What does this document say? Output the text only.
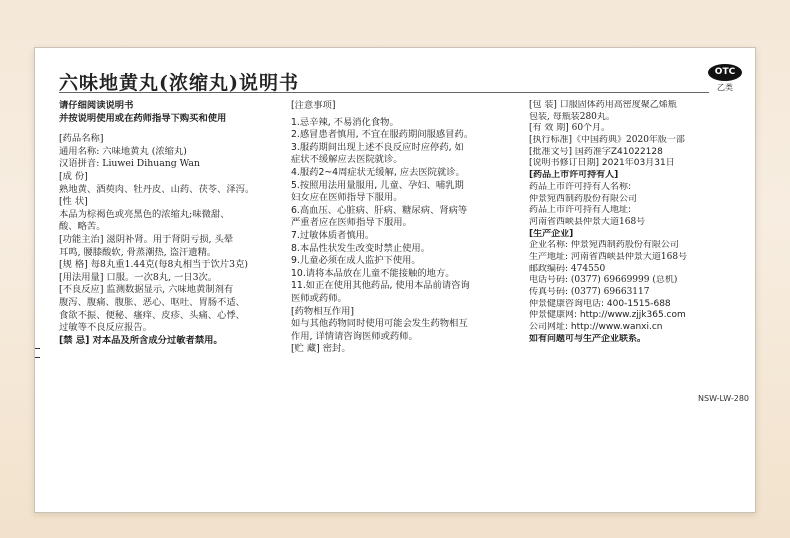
六味地黄丸(浓缩丸)说明书	OTC
乙类
请仔细阅读说明书
并按说明使用或在药师指导下购买和使用
[药品名称]
通用名称: 六味地黄丸 (浓缩丸)
汉语拼音: Liuwei Dihuang Wan
[成 份]
熟地黄、酒萸肉、牡丹皮、山药、茯苓、泽泻。
[性 状]
本品为棕褐色或亮黑色的浓缩丸;味微甜、
酸、略苦。
[功能主治] 滋阴补肾。用于肾阴亏损, 头晕
耳鸣, 腰膝酸软, 骨蒸潮热, 盗汗遗精。
[规 格] 每8丸重1.44克(每8丸相当于饮片3克)
[用法用量] 口服。一次8丸, 一日3次。
[不良反应] 监测数据显示, 六味地黄制剂有
腹泻、腹痛、腹胀、恶心、呕吐、胃肠不适、
食欲不振、便秘、瘙痒、皮疹、头痛、心悸、
过敏等不良反应报告。
[禁 忌] 对本品及所含成分过敏者禁用。
[注意事项]
1.忌辛辣, 不易消化食物。
2.感冒患者慎用, 不宜在服药期间服感冒药。
3.服药期间出现上述不良反应时应停药, 如
症状不缓解应去医院就诊。
4.服药2~4周症状无缓解, 应去医院就诊。
5.按照用法用量服用, 儿童、孕妇、哺乳期
妇女应在医师指导下服用。
6.高血压、心脏病、肝病、糖尿病、肾病等
严重者应在医师指导下服用。
7.过敏体质者慎用。
8.本品性状发生改变时禁止使用。
9.儿童必须在成人监护下使用。
10.请将本品放在儿童不能接触的地方。
11.如正在使用其他药品, 使用本品前请咨询
医师或药师。
[药物相互作用]
如与其他药物同时使用可能会发生药物相互
作用, 详情请咨询医师或药师。
[贮 藏] 密封。
[包 装] 口服固体药用高密度聚乙烯瓶
包装, 每瓶装280丸。
[有 效 期] 60个月。
[执行标准]《中国药典》2020年版一部
[批准文号] 国药准字Z41022128
[说明书修订日期] 2021年03月31日
[药品上市许可持有人]
药品上市许可持有人名称:
仲景宛西制药股份有限公司
药品上市许可持有人地址:
河南省西峡县仲景大道168号
[生产企业]
企业名称: 仲景宛西制药股份有限公司
生产地址: 河南省西峡县仲景大道168号
邮政编码: 474550
电话号码: (0377) 69669999 (总机)
传真号码: (0377) 69663117
仲景健康咨询电话: 400-1515-688
仲景健康网: http://www.zjjk365.com
公司网址: http://www.wanxi.cn
如有问题可与生产企业联系。
NSW-LW-280
